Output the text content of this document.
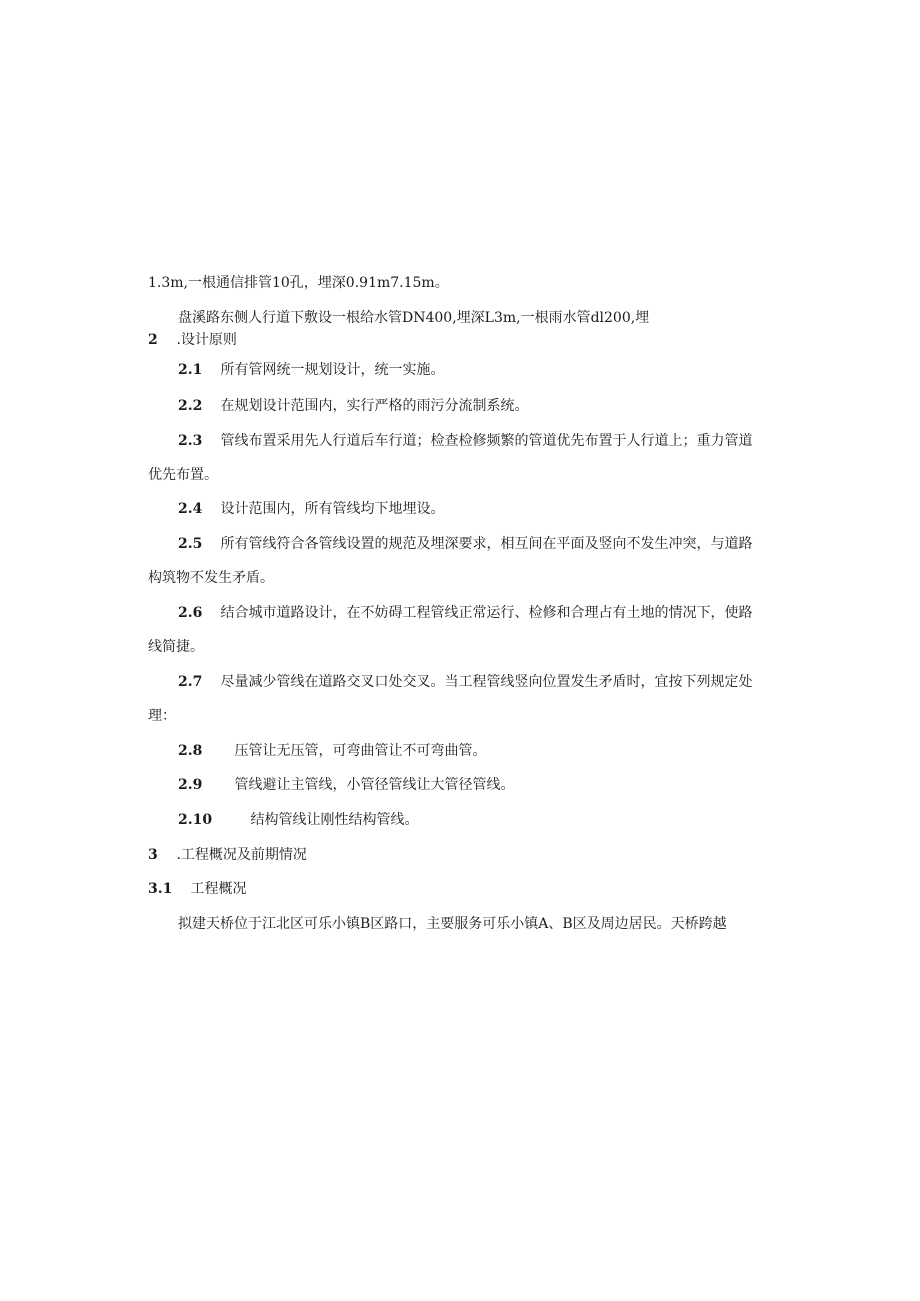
1.3m,一根通信排管10孔，埋深0.91m7.15m。
盘溪路东侧人行道下敷设一根给水管DN400,埋深L3m,一根雨水管dl200,埋
2 .设计原则
2.1 所有管网统一规划设计，统一实施。
2.2 在规划设计范围内，实行严格的雨污分流制系统。
2.3 管线布置采用先人行道后车行道；检查检修频繁的管道优先布置于人行道上；重力管道
优先布置。
2.4 设计范围内，所有管线均下地埋设。
2.5 所有管线符合各管线设置的规范及埋深要求，相互间在平面及竖向不发生冲突，与道路
构筑物不发生矛盾。
2.6 结合城市道路设计，在不妨碍工程管线正常运行、检修和合理占有土地的情况下，使路
线简捷。
2.7 尽量减少管线在道路交叉口处交叉。当工程管线竖向位置发生矛盾时，宜按下列规定处
理：
2.8 压管让无压管，可弯曲管让不可弯曲管。
2.9 管线避让主管线，小管径管线让大管径管线。
2.10	结构管线让刚性结构管线。
3 .工程概况及前期情况
3.1 工程概况
拟建天桥位于江北区可乐小镇B区路口，主要服务可乐小镇A、B区及周边居民。天桥跨越
